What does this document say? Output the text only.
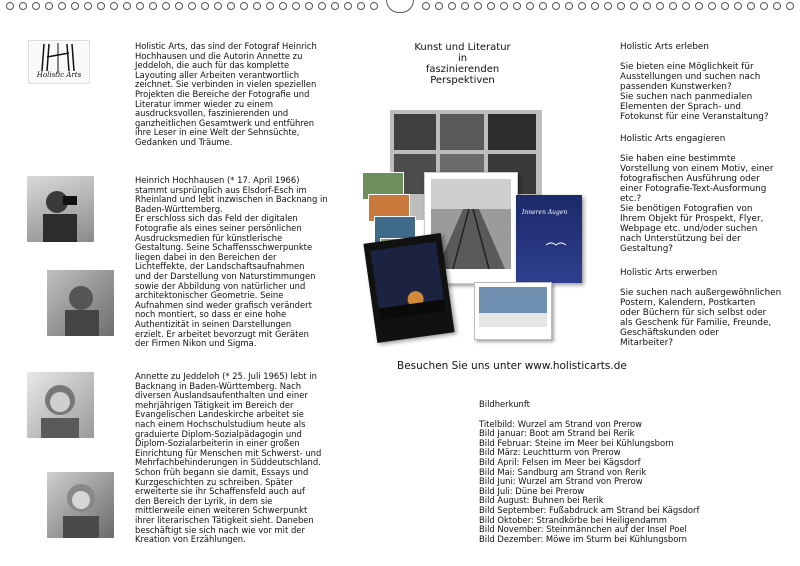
Holistic Arts
Holistic Arts, das sind der Fotograf Heinrich
Hochhausen und die Autorin Annette zu
Jeddeloh, die auch für das komplette
Layouting aller Arbeiten verantwortlich
zeichnet. Sie verbinden in vielen speziellen
Projekten die Bereiche der Fotografie und
Literatur immer wieder zu einem
ausdrucksvollen, faszinierenden und
ganzheitlichen Gesamtwerk und entführen
ihre Leser in eine Welt der Sehnsüchte,
Gedanken und Träume.
Heinrich Hochhausen (* 17. April 1966)
stammt ursprünglich aus Elsdorf-Esch im
Rheinland und lebt inzwischen in Backnang in
Baden-Württemberg.
Er erschloss sich das Feld der digitalen
Fotografie als eines seiner persönlichen
Ausdrucksmedien für künstlerische
Gestaltung. Seine Schaffensschwerpunkte
liegen dabei in den Bereichen der
Lichteffekte, der Landschaftsaufnahmen
und der Darstellung von Naturstimmungen
sowie der Abbildung von natürlicher und
architektonischer Geometrie. Seine
Aufnahmen sind weder grafisch verändert
noch montiert, so dass er eine hohe
Authentizität in seinen Darstellungen
erzielt. Er arbeitet bevorzugt mit Geräten
der Firmen Nikon und Sigma.
Annette zu Jeddeloh (* 25. Juli 1965) lebt in
Backnang in Baden-Württemberg. Nach
diversen Auslandsaufenthalten und einer
mehrjährigen Tätigkeit im Bereich der
Evangelischen Landeskirche arbeitet sie
nach einem Hochschulstudium heute als
graduierte Diplom-Sozialpädagogin und
Diplom-Sozialarbeiterin in einer großen
Einrichtung für Menschen mit Schwerst- und
Mehrfachbehinderungen in Süddeutschland.
Schon früh begann sie damit, Essays und
Kurzgeschichten zu schreiben. Später
erweiterte sie ihr Schaffensfeld auch auf
den Bereich der Lyrik, in dem sie
mittlerweile einen weiteren Schwerpunkt
ihrer literarischen Tätigkeit sieht. Daneben
beschäftigt sie sich nach wie vor mit der
Kreation von Erzählungen.
Kunst und Literatur
in
faszinierenden
Perspektiven
Inneren Augen
Besuchen Sie uns unter www.holisticarts.de
Holistic Arts erleben

Sie bieten eine Möglichkeit für
Ausstellungen und suchen nach
passenden Kunstwerken?
Sie suchen nach panmedialen
Elementen der Sprach- und
Fotokunst für eine Veranstaltung?
Holistic Arts engagieren

Sie haben eine bestimmte
Vorstellung von einem Motiv, einer
fotografischen Ausführung oder
einer Fotografie-Text-Ausformung
etc.?
Sie benötigen Fotografien von
Ihrem Objekt für Prospekt, Flyer,
Webpage etc. und/oder suchen
nach Unterstützung bei der
Gestaltung?
Holistic Arts erwerben

Sie suchen nach außergewöhnlichen
Postern, Kalendern, Postkarten
oder Büchern für sich selbst oder
als Geschenk für Familie, Freunde,
Geschäftskunden oder
Mitarbeiter?
Bildherkunft
Titelbild: Wurzel am Strand von Prerow
Bild Januar: Boot am Strand bei Rerik
Bild Februar: Steine im Meer bei Kühlungsborn
Bild März: Leuchtturm von Prerow
Bild April: Felsen im Meer bei Kägsdorf
Bild Mai: Sandburg am Strand von Rerik
Bild Juni: Wurzel am Strand von Prerow
Bild Juli: Düne bei Prerow
Bild August: Buhnen bei Rerik
Bild September: Fußabdruck am Strand bei Kägsdorf
Bild Oktober: Strandkörbe bei Heiligendamm
Bild November: Steinmännchen auf der Insel Poel
Bild Dezember: Möwe im Sturm bei Kühlungsborn
